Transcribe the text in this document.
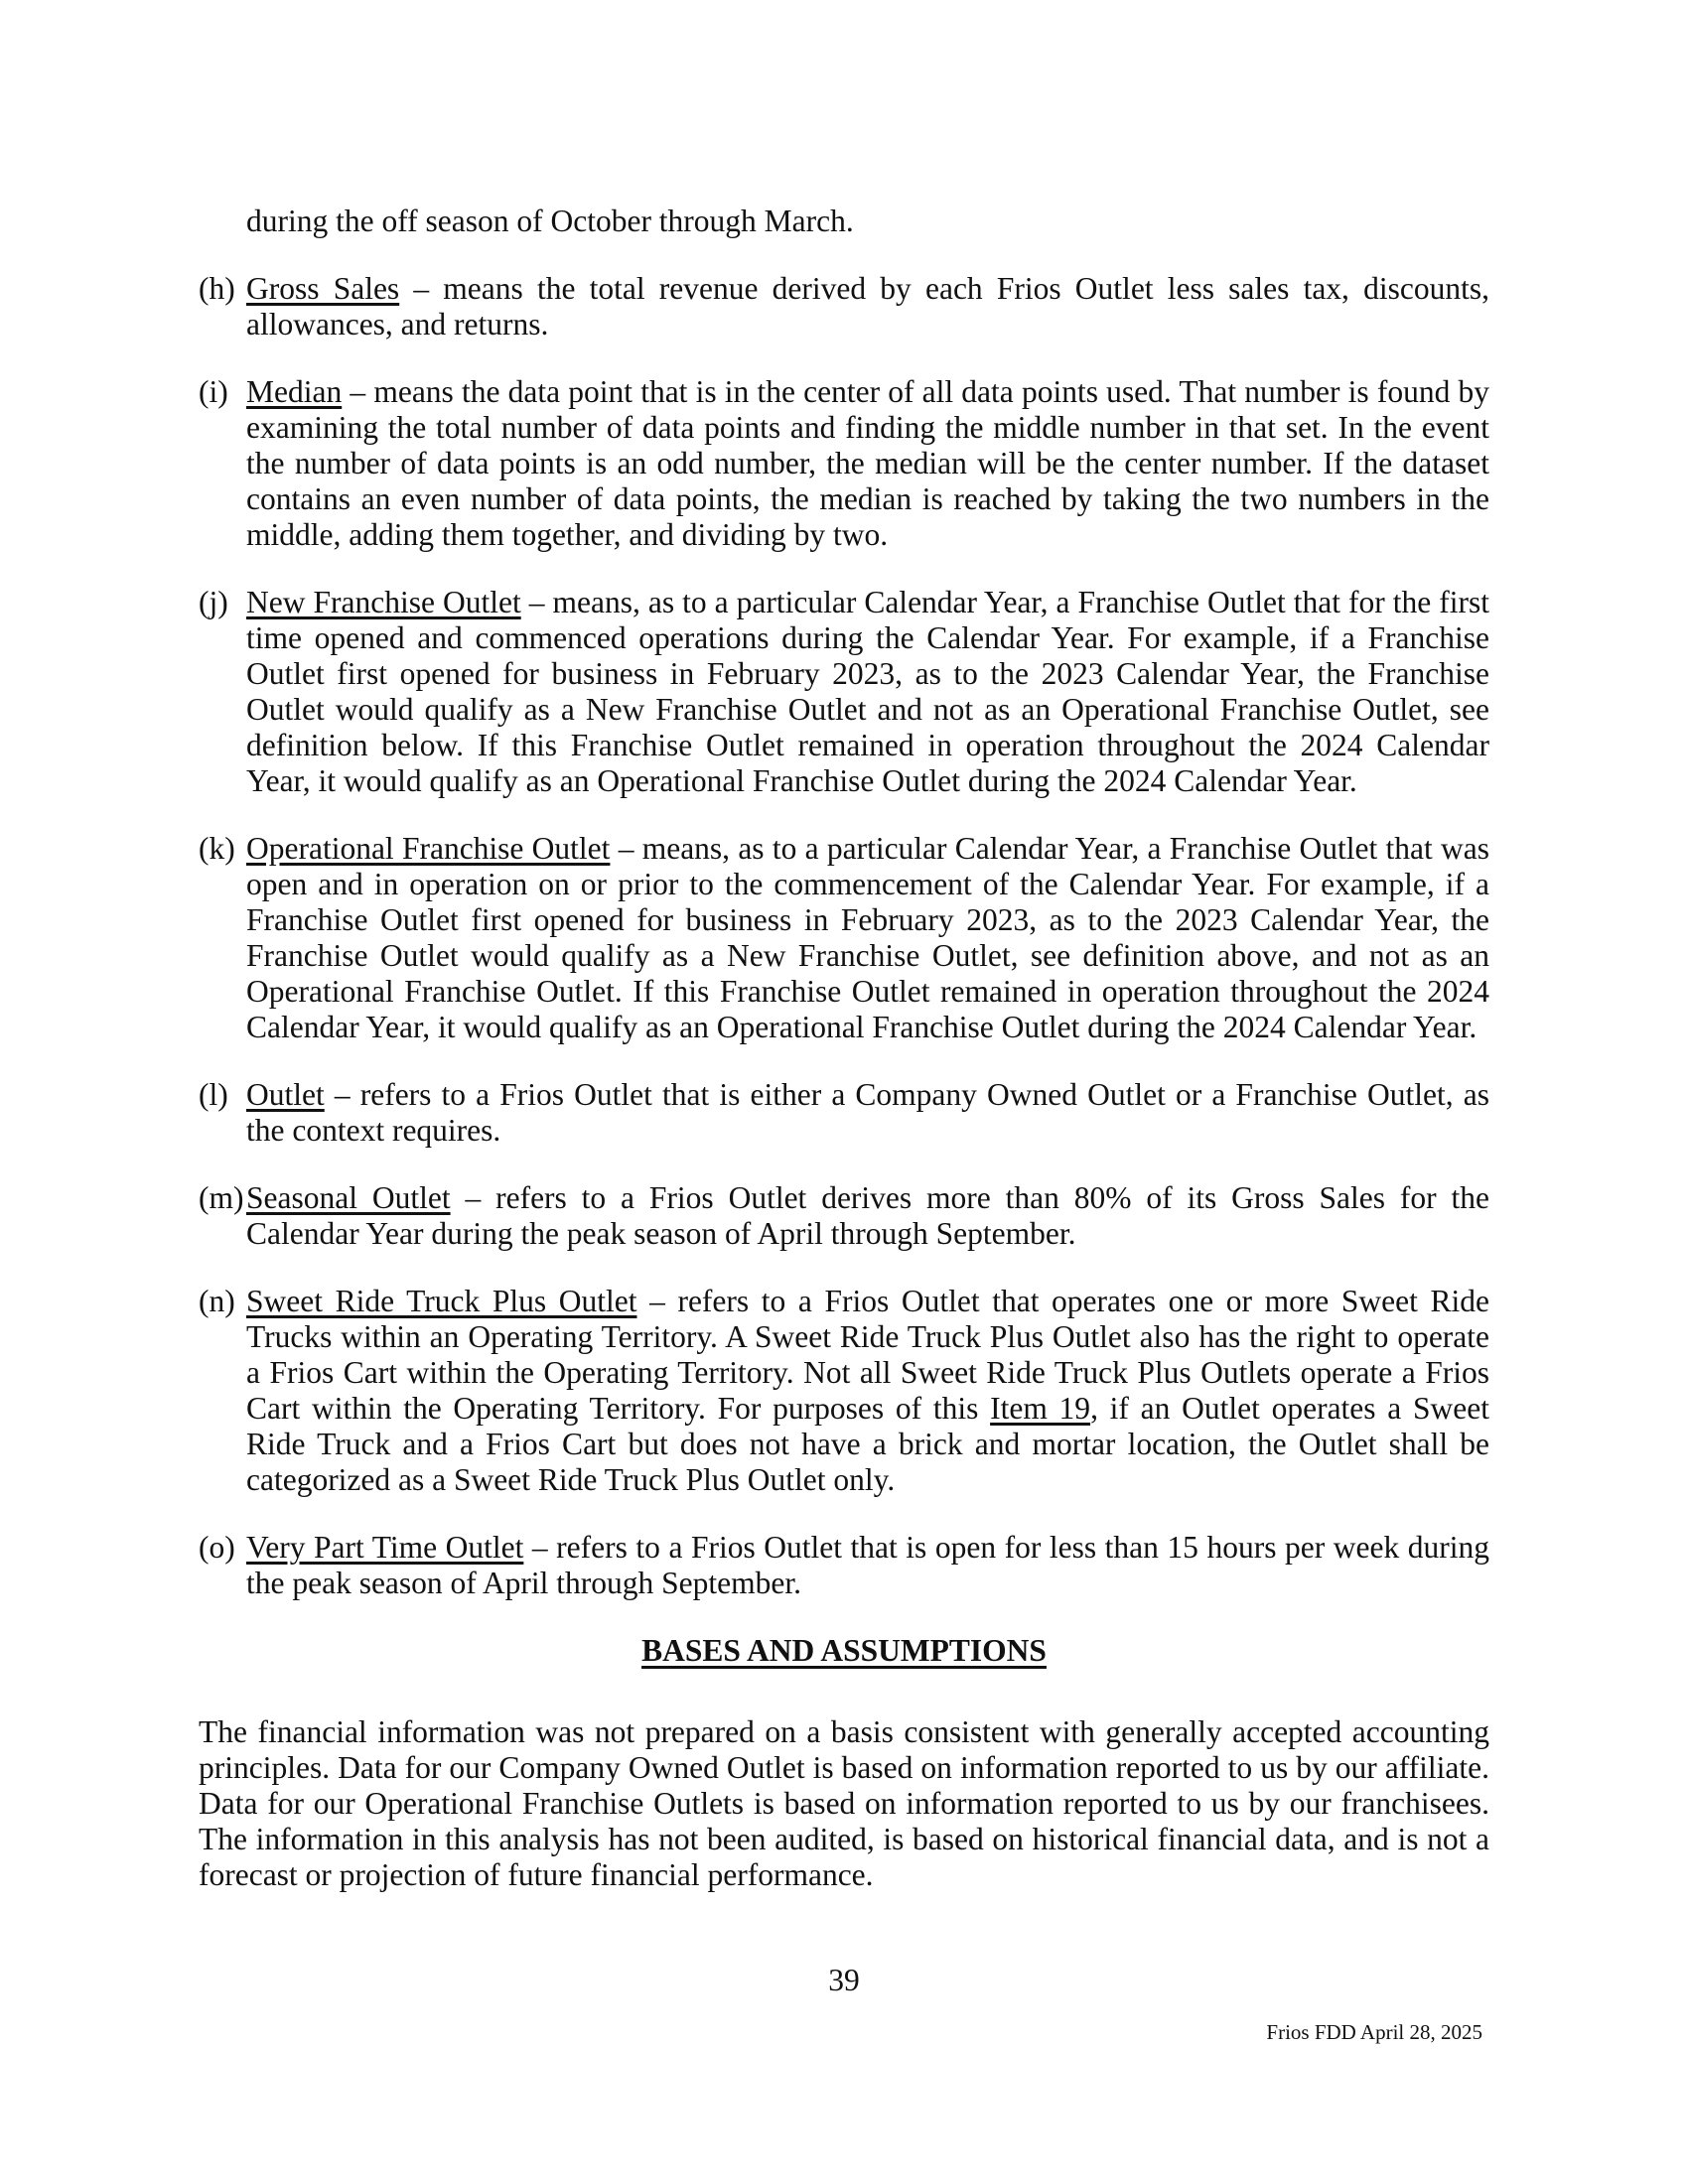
during the off season of October through March.

(h) Gross Sales – means the total revenue derived by each Frios Outlet less sales tax, discounts, allowances, and returns.
(i) Median – means the data point that is in the center of all data points used. That number is found by examining the total number of data points and finding the middle number in that set. In the event the number of data points is an odd number, the median will be the center number. If the dataset contains an even number of data points, the median is reached by taking the two numbers in the middle, adding them together, and dividing by two.
(j) New Franchise Outlet – means, as to a particular Calendar Year, a Franchise Outlet that for the first time opened and commenced operations during the Calendar Year. For example, if a Franchise Outlet first opened for business in February 2023, as to the 2023 Calendar Year, the Franchise Outlet would qualify as a New Franchise Outlet and not as an Operational Franchise Outlet, see definition below. If this Franchise Outlet remained in operation throughout the 2024 Calendar Year, it would qualify as an Operational Franchise Outlet during the 2024 Calendar Year.
(k) Operational Franchise Outlet – means, as to a particular Calendar Year, a Franchise Outlet that was open and in operation on or prior to the commencement of the Calendar Year. For example, if a Franchise Outlet first opened for business in February 2023, as to the 2023 Calendar Year, the Franchise Outlet would qualify as a New Franchise Outlet, see definition above, and not as an Operational Franchise Outlet. If this Franchise Outlet remained in operation throughout the 2024 Calendar Year, it would qualify as an Operational Franchise Outlet during the 2024 Calendar Year.
(l) Outlet – refers to a Frios Outlet that is either a Company Owned Outlet or a Franchise Outlet, as the context requires.
(m) Seasonal Outlet – refers to a Frios Outlet derives more than 80% of its Gross Sales for the Calendar Year during the peak season of April through September.
(n) Sweet Ride Truck Plus Outlet – refers to a Frios Outlet that operates one or more Sweet Ride Trucks within an Operating Territory. A Sweet Ride Truck Plus Outlet also has the right to operate a Frios Cart within the Operating Territory. Not all Sweet Ride Truck Plus Outlets operate a Frios Cart within the Operating Territory. For purposes of this Item 19, if an Outlet operates a Sweet Ride Truck and a Frios Cart but does not have a brick and mortar location, the Outlet shall be categorized as a Sweet Ride Truck Plus Outlet only.
(o) Very Part Time Outlet – refers to a Frios Outlet that is open for less than 15 hours per week during the peak season of April through September.
BASES AND ASSUMPTIONS

The financial information was not prepared on a basis consistent with generally accepted accounting principles. Data for our Company Owned Outlet is based on information reported to us by our affiliate. Data for our Operational Franchise Outlets is based on information reported to us by our franchisees. The information in this analysis has not been audited, is based on historical financial data, and is not a forecast or projection of future financial performance.

39
Frios FDD April 28, 2025
